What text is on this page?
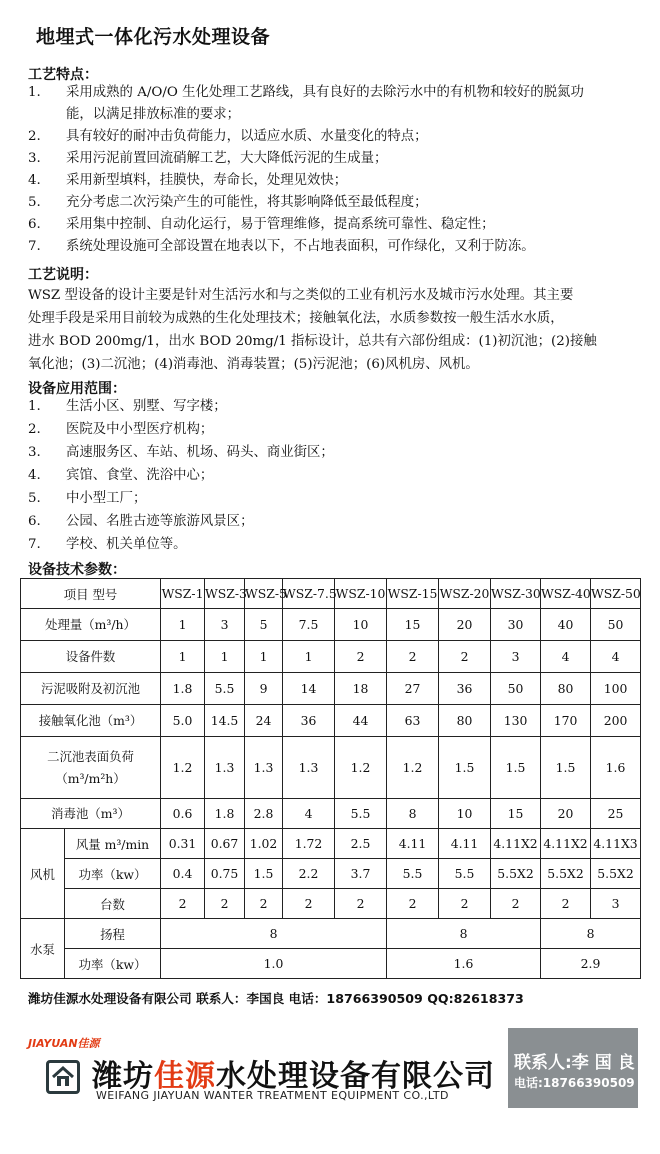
地埋式一体化污水处理设备
工艺特点：
1. 采用成熟的 A/O/O 生化处理工艺路线，具有良好的去除污水中的有机物和较好的脱氮功
能，以满足排放标准的要求；
2. 具有较好的耐冲击负荷能力，以适应水质、水量变化的特点；
3. 采用污泥前置回流硝解工艺，大大降低污泥的生成量；
4. 采用新型填料，挂膜快，寿命长，处理见效快；
5. 充分考虑二次污染产生的可能性，将其影响降低至最低程度；
6. 采用集中控制、自动化运行，易于管理维修，提高系统可靠性、稳定性；
7. 系统处理设施可全部设置在地表以下，不占地表面积，可作绿化，又利于防冻。
工艺说明：
WSZ 型设备的设计主要是针对生活污水和与之类似的工业有机污水及城市污水处理。其主要
处理手段是采用目前较为成熟的生化处理技术；接触氧化法，水质参数按一般生活水水质，
进水 BOD 200mg/1，出水 BOD 20mg/1 指标设计，总共有六部份组成：(1)初沉池；(2)接触
氧化池；(3)二沉池；(4)消毒池、消毒装置；(5)污泥池；(6)风机房、风机。
设备应用范围：
1. 生活小区、别墅、写字楼；
2. 医院及中小型医疗机构；
3. 高速服务区、车站、机场、码头、商业街区；
4. 宾馆、食堂、洗浴中心；
5. 中小型工厂；
6. 公园、名胜古迹等旅游风景区；
7. 学校、机关单位等。
设备技术参数：
项目 型号		WSZ-1	WSZ-3	WSZ-5	WSZ-7.5	WSZ-10	WSZ-15	WSZ-20	WSZ-30	WSZ-40	WSZ-50
处理量（m³/h）		1	3	5	7.5	10	15	20	30	40	50
设备件数		1	1	1	1	2	2	2	3	4	4
污泥吸附及初沉池		1.8	5.5	9	14	18	27	36	50	80	100
接触氧化池（m³）		5.0	14.5	24	36	44	63	80	130	170	200

二沉池表面负荷
（m³/m²h）		1.2	1.3	1.3	1.3	1.2	1.2	1.5	1.5	1.5	1.6
消毒池（m³）		0.6	1.8	2.8	4	5.5	8	10	15	20	25
风机	风量 m³/min	0.31	0.67	1.02	1.72	2.5	4.11	4.11	4.11X2	4.11X2	4.11X3
	功率（kw）	0.4	0.75	1.5	2.2	3.7	5.5	5.5	5.5X2	5.5X2	5.5X2
	台数	2	2	2	2	2	2	2	2	2	3
水泵	扬程	8					8			8	
	功率（kw）	1.0					1.6			2.9	
潍坊佳源水处理设备有限公司 联系人：李国良 电话：18766390509 QQ:82618373
JIAYUAN佳源
潍坊佳源水处理设备有限公司
WEIFANG JIAYUAN WANTER TREATMENT EQUIPMENT CO.,LTD
联系人:李 国 良
电话:18766390509
